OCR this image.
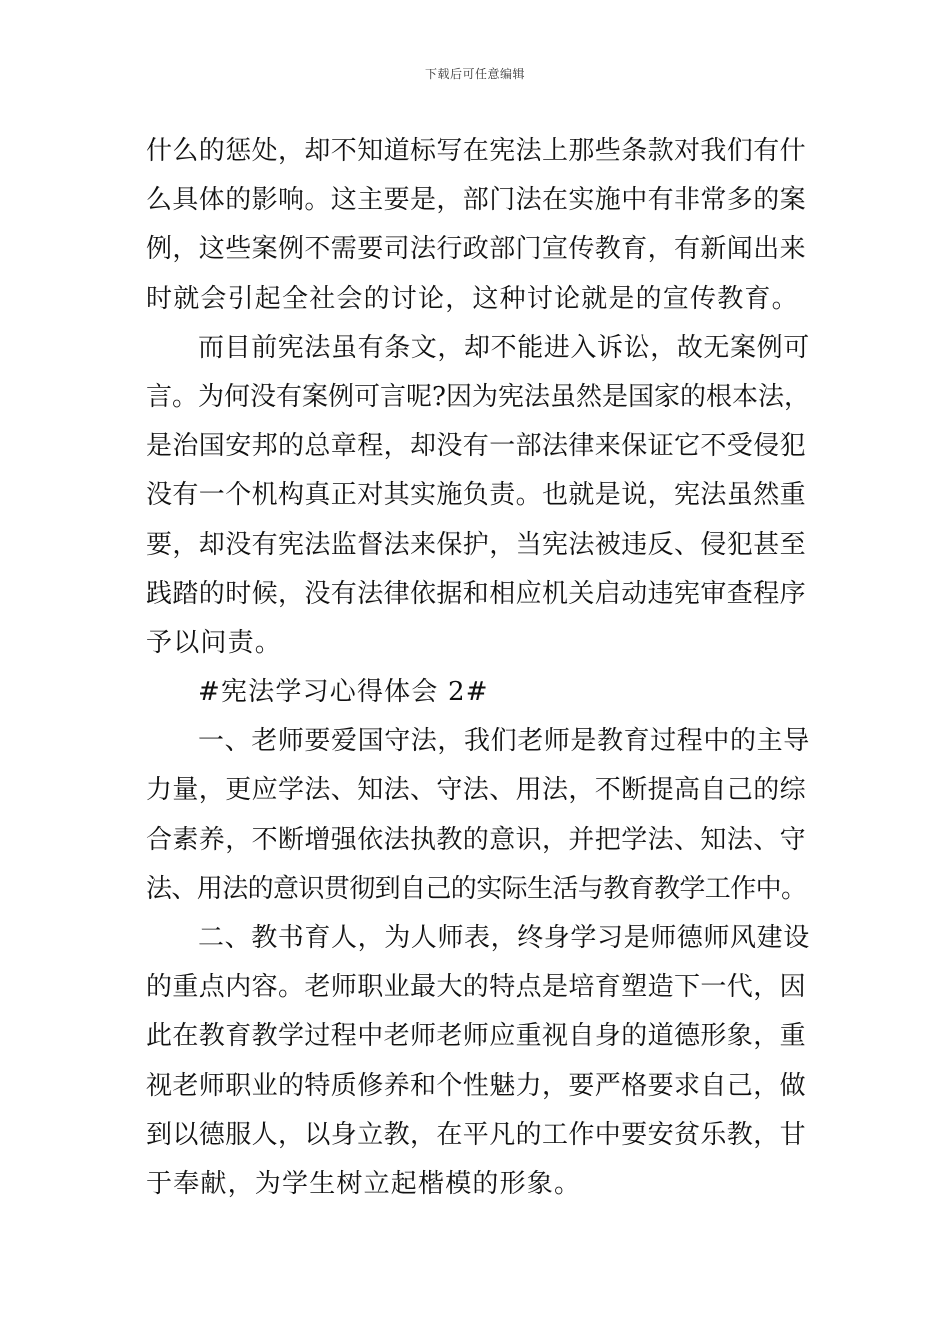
下载后可任意编辑
什么的惩处，却不知道标写在宪法上那些条款对我们有什
么具体的影响。这主要是，部门法在实施中有非常多的案
例，这些案例不需要司法行政部门宣传教育，有新闻出来
时就会引起全社会的讨论，这种讨论就是的宣传教育。
而目前宪法虽有条文，却不能进入诉讼，故无案例可
言。为何没有案例可言呢?因为宪法虽然是国家的根本法，
是治国安邦的总章程，却没有一部法律来保证它不受侵犯
没有一个机构真正对其实施负责。也就是说，宪法虽然重
要，却没有宪法监督法来保护，当宪法被违反、侵犯甚至
践踏的时候，没有法律依据和相应机关启动违宪审查程序
予以问责。
#宪法学习心得体会 2#
一、老师要爱国守法，我们老师是教育过程中的主导
力量，更应学法、知法、守法、用法，不断提高自己的综
合素养，不断增强依法执教的意识，并把学法、知法、守
法、用法的意识贯彻到自己的实际生活与教育教学工作中。
二、教书育人，为人师表，终身学习是师德师风建设
的重点内容。老师职业最大的特点是培育塑造下一代，因
此在教育教学过程中老师老师应重视自身的道德形象，重
视老师职业的特质修养和个性魅力，要严格要求自己，做
到以德服人，以身立教，在平凡的工作中要安贫乐教，甘
于奉献，为学生树立起楷模的形象。
